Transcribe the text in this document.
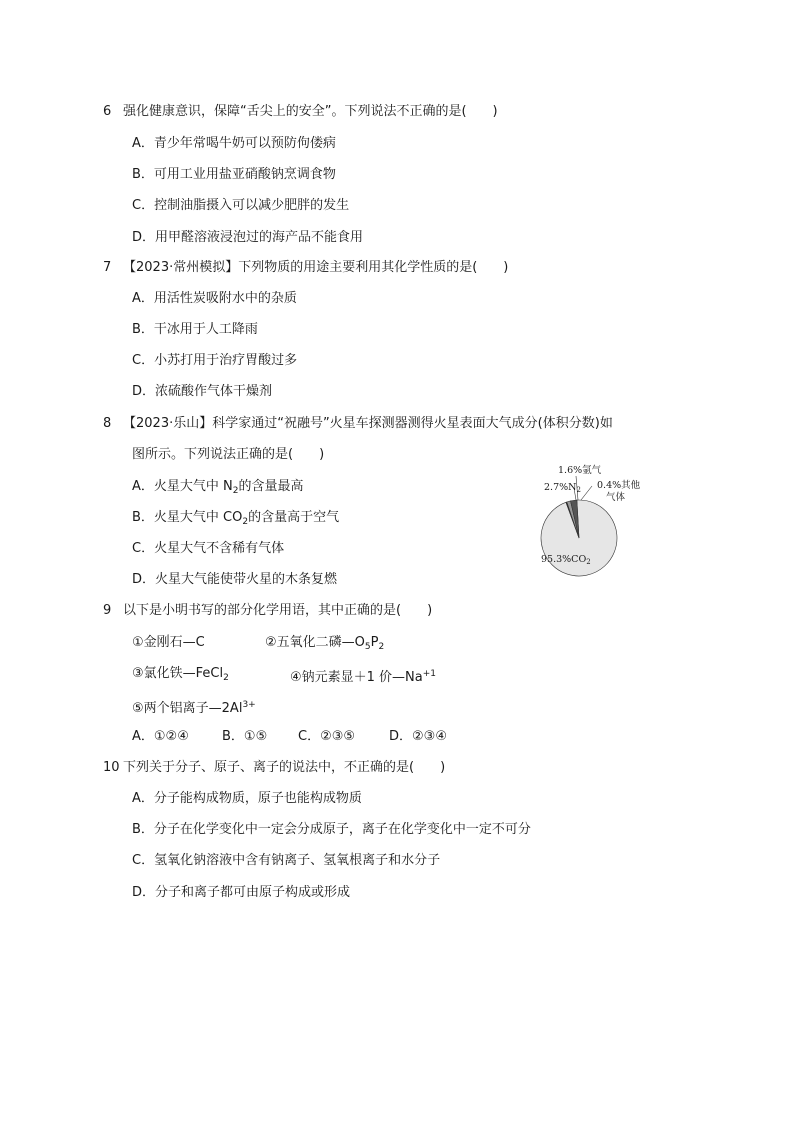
6 强化健康意识，保障“舌尖上的安全”。下列说法不正确的是(　　)
A．青少年常喝牛奶可以预防佝偻病
B．可用工业用盐亚硝酸钠烹调食物
C．控制油脂摄入可以减少肥胖的发生
D．用甲醛溶液浸泡过的海产品不能食用
7 【2023·常州模拟】下列物质的用途主要利用其化学性质的是(　　)
A．用活性炭吸附水中的杂质
B．干冰用于人工降雨
C．小苏打用于治疗胃酸过多
D．浓硫酸作气体干燥剂
8 【2023·乐山】科学家通过“祝融号”火星车探测器测得火星表面大气成分(体积分数)如
图所示。下列说法正确的是(　　)
A．火星大气中 $N_2$的含量最高
B．火星大气中 $CO_2$的含量高于空气
C．火星大气不含稀有气体
D．火星大气能使带火星的木条复燃
1.6%氩气
$2.7\%N_2$ 0.4%其他
气体
$95.3\%CO_2$
9 以下是小明书写的部分化学用语，其中正确的是(　　)
①金刚石—C	②五氧化二磷$—O_5P_2$
③氯化铁—FeCl$_2$	④钠元素显＋1 价$—Na^{+1}$
⑤两个铝离子$—2Al^{3+}$
A．①②④	B．①⑤ C．②③⑤	D．②③④
10 下列关于分子、原子、离子的说法中，不正确的是(　　)
A．分子能构成物质，原子也能构成物质
B．分子在化学变化中一定会分成原子，离子在化学变化中一定不可分
C．氢氧化钠溶液中含有钠离子、氢氧根离子和水分子
D．分子和离子都可由原子构成或形成
